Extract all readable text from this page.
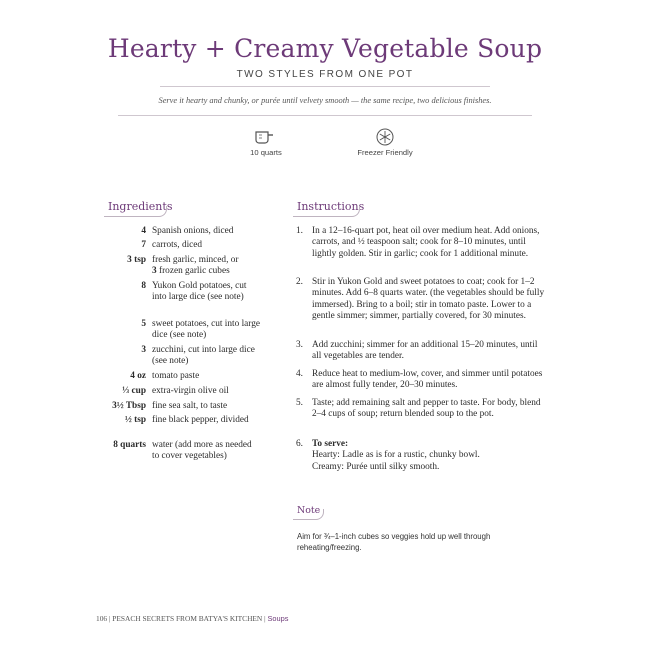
Hearty + Creamy Vegetable Soup
TWO STYLES FROM ONE POT
Serve it hearty and chunky, or purée until velvety smooth — the same recipe, two delicious finishes.
10 quarts	Freezer Friendly
Ingredients
4 Spanish onions, diced
7 carrots, diced
3 tsp fresh garlic, minced, or
3 frozen garlic cubes
8 Yukon Gold potatoes, cut into large dice (see note)
5 sweet potatoes, cut into large dice (see note)
3 zucchini, cut into large dice (see note)
4 oz tomato paste
⅓ cup extra-virgin olive oil
3½ Tbsp fine sea salt, to taste
½ tsp fine black pepper, divided
8 quarts water (add more as needed to cover vegetables)
Instructions
1. In a 12–16-quart pot, heat oil over medium heat. Add onions, carrots, and ½ teaspoon salt; cook for 8–10 minutes, until lightly golden. Stir in garlic; cook for 1 additional minute.
2. Stir in Yukon Gold and sweet potatoes to coat; cook for 1–2 minutes. Add 6–8 quarts water. (the vegetables should be fully immersed). Bring to a boil; stir in tomato paste. Lower to a gentle simmer; simmer, partially covered, for 30 minutes.
3. Add zucchini; simmer for an additional 15–20 minutes, until all vegetables are tender.
4. Reduce heat to medium-low, cover, and simmer until potatoes are almost fully tender, 20–30 minutes.
5. Taste; add remaining salt and pepper to taste. For body, blend 2–4 cups of soup; return blended soup to the pot.
6. To serve:
Hearty: Ladle as is for a rustic, chunky bowl.
Creamy: Purée until silky smooth.
Note
Aim for ¾–1-inch cubes so veggies hold up well through reheating/freezing.
106 | PESACH SECRETS FROM BATYA'S KITCHEN | Soups
